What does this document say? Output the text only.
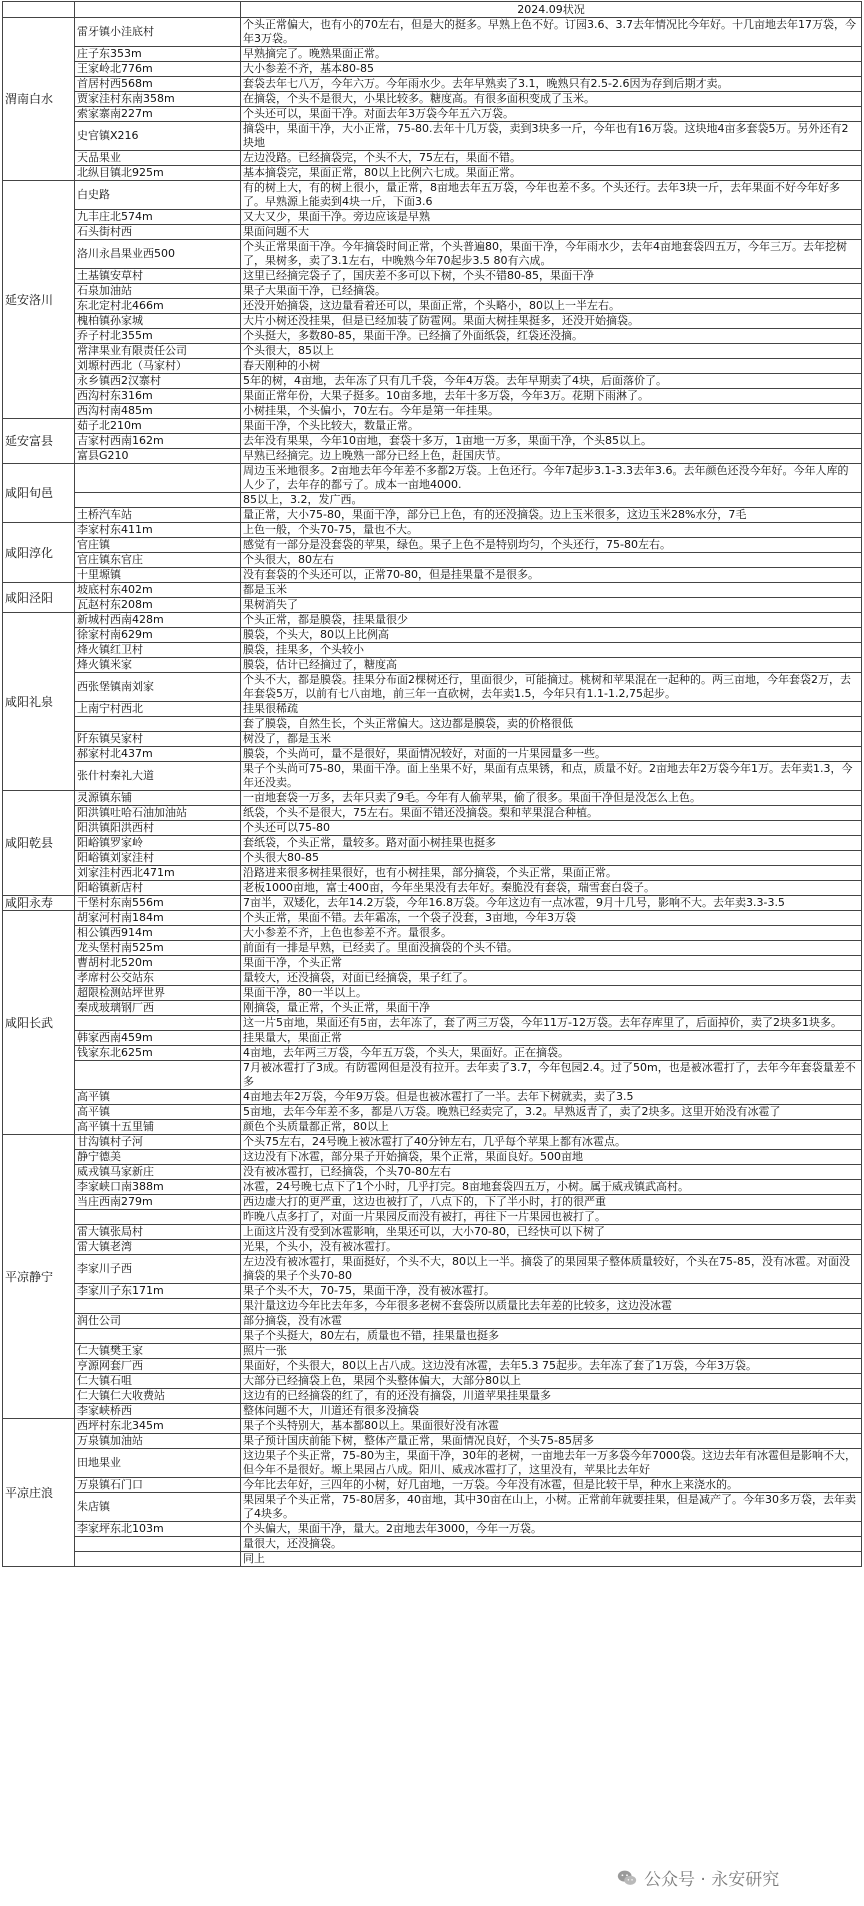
		2024.09状况
渭南白水	雷牙镇小洼底村	个头正常偏大，也有小的70左右，但是大的挺多。早熟上色不好。订园3.6、3.7去年情况比今年好。十几亩地去年17万袋，今年3万袋。
	庄子东353m	早熟摘完了。晚熟果面正常。
	王家岭北776m	大小参差不齐，基本80-85
	首居村西568m	套袋去年七八万，今年六万。今年雨水少。去年早熟卖了3.1，晚熟只有2.5-2.6因为存到后期才卖。
	贾家洼村东南358m	在摘袋，个头不是很大，小果比较多。糖度高。有很多面积变成了玉米。
	索家寨南227m	个头还可以，果面干净。对面去年3万袋今年五六万袋。
	史官镇X216	摘袋中，果面干净，大小正常，75-80.去年十几万袋，卖到3块多一斤，今年也有16万袋。这块地4亩多套袋5万。另外还有2块地
	天品果业	左边没路。已经摘袋完，个头不大，75左右，果面不错。
	北纵目镇北925m	基本摘袋完，果面正常，80以上比例六七成。果面正常。
延安洛川	白史路	有的树上大，有的树上很小，量正常，8亩地去年五万袋，今年也差不多。个头还行。去年3块一斤，去年果面不好今年好多了。早熟源上能卖到4块一斤，下面3.6
	九丰庄北574m	又大又少，果面干净。旁边应该是早熟
	石头街村西	果面问题不大
	洛川永昌果业西500	个头正常果面干净。今年摘袋时间正常，个头普遍80，果面干净，今年雨水少，去年4亩地套袋四五万，今年三万。去年挖树了，果树多，卖了3.1左右，中晚熟今年70起步3.5 80有六成。
	土基镇安草村	这里已经摘完袋子了，国庆差不多可以下树，个头不错80-85，果面干净
	石泉加油站	果子大果面干净，已经摘袋。
	东北定村北466m	还没开始摘袋，这边量看着还可以，果面正常，个头略小，80以上一半左右。
	槐柏镇孙家城	大片小树还没挂果，但是已经加装了防雹网。果面大树挂果挺多，还没开始摘袋。
	乔子村北355m	个头挺大，多数80-85，果面干净。已经摘了外面纸袋，红袋还没摘。
	常津果业有限责任公司	个头很大，85以上
	刘塬村西北（马家村）	春天刚种的小树
	永乡镇西2汉寨村	5年的树，4亩地，去年冻了只有几千袋，今年4万袋。去年早期卖了4块，后面落价了。
	西沟村东316m	果面正常年份，大果子挺多。10亩多地，去年十多万袋，今年3万。花期下雨淋了。
	西沟村南485m	小树挂果，个头偏小，70左右。今年是第一年挂果。
延安富县	茹子北210m	果面干净，个头比较大，数量正常。
	吉家村西南162m	去年没有果果，今年10亩地，套袋十多万，1亩地一万多，果面干净，个头85以上。
	富县G210	早熟已经摘完。边上晚熟一部分已经上色，赶国庆节。
咸阳旬邑		周边玉米地很多。2亩地去年今年差不多都2万袋。上色还行。今年7起步3.1-3.3去年3.6。去年颜色还没今年好。今年人库的人少了，去年存的都亏了。成本一亩地4000.
		85以上，3.2，发广西。
	土桥汽车站	量正常，大小75-80，果面干净，部分已上色，有的还没摘袋。边上玉米很多，这边玉米28%水分，7毛
咸阳淳化	李家村东411m	上色一般，个头70-75，量也不大。
	官庄镇	感觉有一部分是没套袋的苹果，绿色。果子上色不是特别均匀，个头还行，75-80左右。
	官庄镇东官庄	个头很大，80左右
	十里塬镇	没有套袋的个头还可以，正常70-80，但是挂果量不是很多。
咸阳泾阳	坡底村东402m	都是玉米
	瓦赵村东208m	果树消失了
咸阳礼泉	新城村西南428m	个头正常，都是膜袋，挂果量很少
	徐家村南629m	膜袋，个头大，80以上比例高
	烽火镇红卫村	膜袋，挂果多，个头较小
	烽火镇米家	膜袋，估计已经摘过了，糖度高
	西张堡镇南刘家	个头不大，都是膜袋。挂果分布面2棵树还行，里面很少，可能摘过。桃树和苹果混在一起种的。两三亩地，今年套袋2万，去年套袋5万，以前有七八亩地，前三年一直砍树，去年卖1.5，今年只有1.1-1.2,75起步。
	上南宁村西北	挂果很稀疏
		套了膜袋，自然生长，个头正常偏大。这边都是膜袋，卖的价格很低
	阡东镇吴家村	树没了，都是玉米
	郝家村北437m	膜袋，个头尚可，量不是很好，果面情况较好，对面的一片果园量多一些。
	张什村秦礼大道	果子个头尚可75-80，果面干净。面上坐果不好，果面有点果锈，和点，质量不好。2亩地去年2万袋今年1万。去年卖1.3，今年还没卖。
咸阳乾县	灵源镇东铺	一亩地套袋一万多，去年只卖了9毛。今年有人偷苹果，偷了很多。果面干净但是没怎么上色。
	阳洪镇吐哈石油加油站	纸袋，个头不是很大，75左右。果面不错还没摘袋。梨和苹果混合种植。
	阳洪镇阳洪西村	个头还可以75-80
	阳峪镇罗家岭	套纸袋，个头正常，量较多。路对面小树挂果也挺多
	阳峪镇刘家洼村	个头很大80-85
	刘家洼村西北471m	沿路进来很多树挂果很好，也有小树挂果，部分摘袋，个头正常，果面正常。
	阳峪镇新店村	老板1000亩地，富士400亩，今年坐果没有去年好。秦脆没有套袋，瑞雪套白袋子。
咸阳永寿	干堡村东南556m	7亩半，双矮化，去年14.2万袋，今年16.8万袋。今年这边有一点冰雹，9月十几号，影响不大。去年卖3.3-3.5
咸阳长武	胡家河村南184m	个头正常，果面不错。去年霜冻，一个袋子没套，3亩地，今年3万袋
	相公镇西914m	大小参差不齐，上色也参差不齐。量很多。
	龙头堡村南525m	前面有一排是早熟，已经卖了。里面没摘袋的个头不错。
	曹胡村北520m	果面干净，个头正常
	孝席村公交站东	量较大，还没摘袋，对面已经摘袋，果子红了。
	超限检测站坪世界	果面干净，80一半以上。
	秦成玻璃钢厂西	刚摘袋，量正常，个头正常，果面干净
		这一片5亩地，果面还有5亩，去年冻了，套了两三万袋，今年11万-12万袋。去年存库里了，后面掉价，卖了2块多1块多。
	韩家西南459m	挂果量大，果面正常
	钱家东北625m	4亩地，去年两三万袋，今年五万袋，个头大，果面好。正在摘袋。
		7月被冰雹打了3成。有防雹网但是没有拉开。去年卖了3.7，今年包园2.4。过了50m，也是被冰雹打了，去年今年套袋量差不多
	高平镇	4亩地去年2万袋，今年9万袋。但是也被冰雹打了一半。去年下树就卖，卖了3.5
	高平镇	5亩地，去年今年差不多，都是八万袋。晚熟已经卖完了，3.2。早熟返青了，卖了2块多。这里开始没有冰雹了
	高平镇十五里铺	颜色个头质量都正常，80以上
平凉静宁	甘沟镇村子河	个头75左右，24号晚上被冰雹打了40分钟左右，几乎每个苹果上都有冰雹点。
	静宁德美	这边没有下冰雹，部分果子开始摘袋，果个正常，果面良好。500亩地
	威戎镇马家新庄	没有被冰雹打，已经摘袋，个头70-80左右
	李家峡口南388m	冰雹，24号晚七点下了1个小时，几乎打完。8亩地套袋四五万，小树。属于威戎镇武高村。
	当庄西南279m	西边虚大打的更严重，这边也被打了，八点下的，下了半小时，打的很严重
		昨晚八点多打了，对面一片果园反而没有被打，再往下一片果园也被打了。
	雷大镇张局村	上面这片没有受到冰雹影响，坐果还可以，大小70-80，已经快可以下树了
	雷大镇老湾	光果，个头小，没有被冰雹打。
	李家川子西	左边没有被冰雹打，果面挺好，个头不大，80以上一半。摘袋了的果园果子整体质量较好，个头在75-85，没有冰雹。对面没摘袋的果子个头70-80
	李家川子东171m	果子个头不大，70-75，果面干净，没有被冰雹打。
		果汁量这边今年比去年多，今年很多老树不套袋所以质量比去年差的比较多，这边没冰雹
	润仕公司	部分摘袋，没有冰雹
		果子个头挺大，80左右，质量也不错，挂果量也挺多
	仁大镇樊王家	照片一张
	亨源网套厂西	果面好，个头很大，80以上占八成。这边没有冰雹，去年5.3 75起步。去年冻了套了1万袋，今年3万袋。
	仁大镇石咀	大部分已经摘袋上色，果园个头整体偏大，大部分80以上
	仁大镇仁大收费站	这边有的已经摘袋的红了，有的还没有摘袋，川道苹果挂果量多
	李家峡桥西	整体问题不大，川道还有很多没摘袋
平凉庄浪	西坪村东北345m	果子个头特别大，基本都80以上。果面很好没有冰雹
	万泉镇加油站	果子预计国庆前能下树，整体产量正常，果面情况良好，个头75-85居多
	田地果业	这边果子个头正常，75-80为主，果面干净，30年的老树，一亩地去年一万多袋今年7000袋。这边去年有冰雹但是影响不大，但今年不是很好。塬上果园占八成。阳川、威戎冰雹打了，这里没有，苹果比去年好
	万泉镇石门口	今年比去年好，三四年的小树，好几亩地，一万袋。今年没有冰雹，但是比较干旱，种水上来浇水的。
	朱店镇	果园果子个头正常，75-80居多，40亩地，其中30亩在山上，小树。正常前年就要挂果，但是减产了。今年30多万袋，去年卖了4块多。
	李家坪东北103m	个头偏大，果面干净，量大。2亩地去年3000，今年一万袋。
		量很大，还没摘袋。
		同上
公众号 · 永安研究
